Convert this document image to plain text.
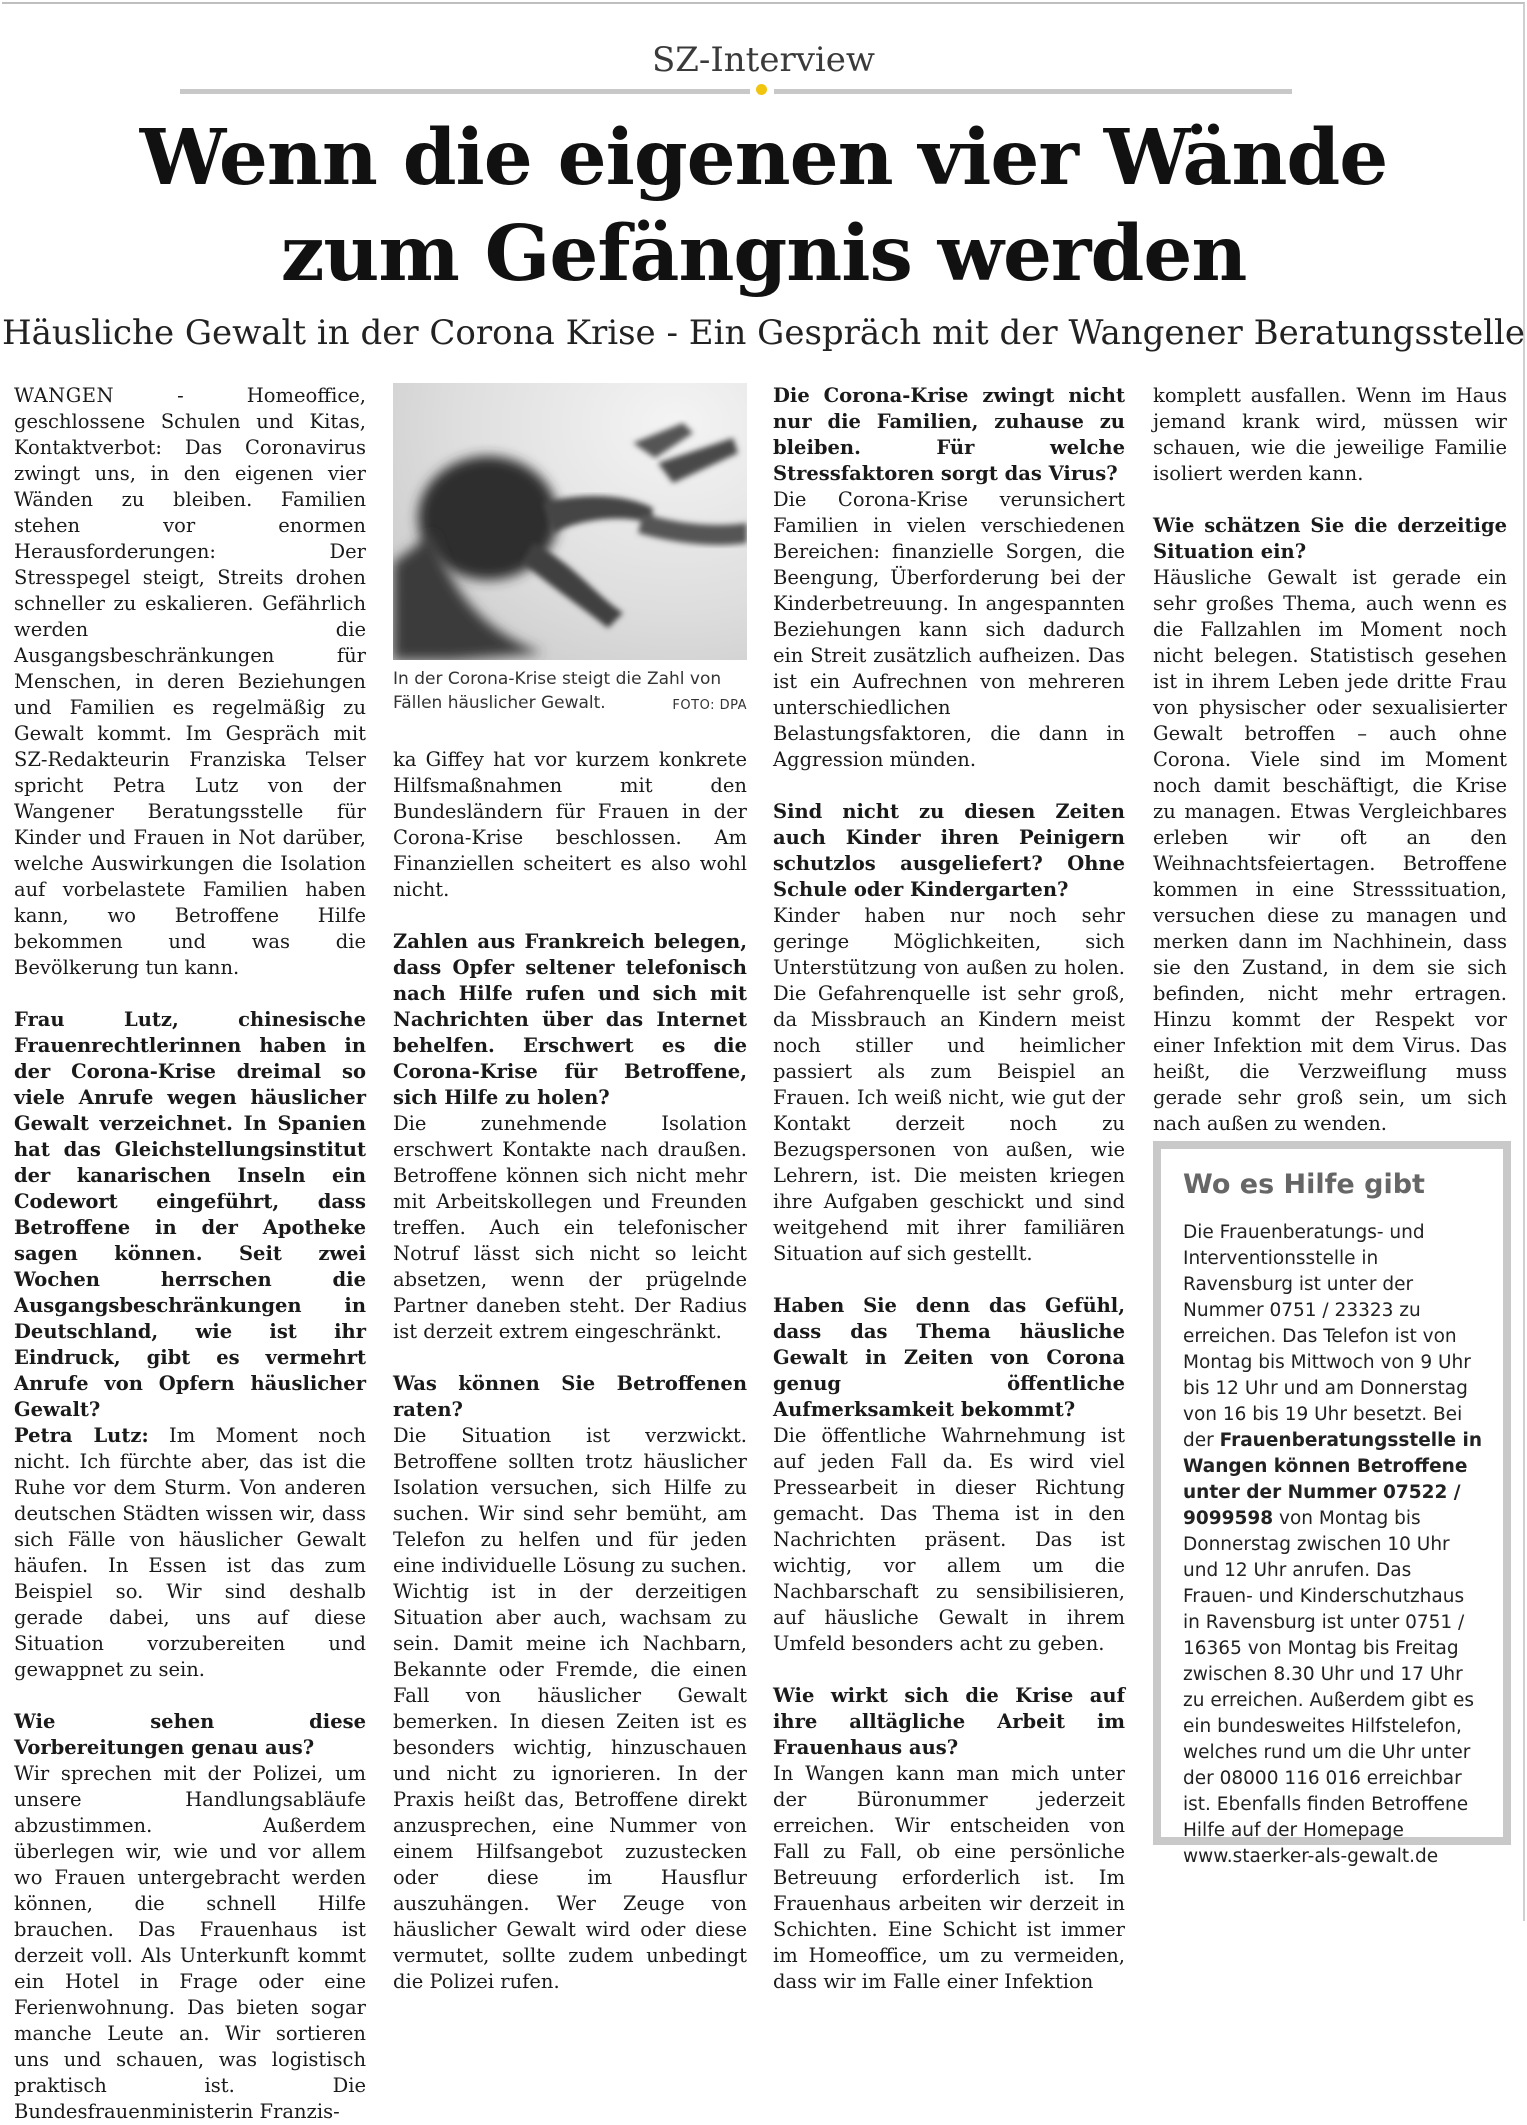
SZ-Interview
Wenn die eigenen vier Wände
zum Gefängnis werden
Häusliche Gewalt in der Corona Krise - Ein Gespräch mit der Wangener Beratungsstelle

WANGEN - Homeoffice, geschlossene Schulen und Kitas, Kontaktverbot: Das Coronavirus zwingt uns, in den eigenen vier Wänden zu bleiben. Familien stehen vor enormen Herausforderungen: Der Stresspegel steigt, Streits drohen schneller zu eskalieren. Gefährlich werden die Ausgangsbeschränkungen für Menschen, in deren Beziehungen und Familien es regelmäßig zu Gewalt kommt. Im Gespräch mit SZ-Redakteurin Franziska Telser spricht Petra Lutz von der Wangener Beratungsstelle für Kinder und Frauen in Not darüber, welche Auswirkungen die Isolation auf vorbelastete Familien haben kann, wo Betroffene Hilfe bekommen und was die Bevölkerung tun kann.

Frau Lutz, chinesische Frauenrechtlerinnen haben in der Corona-Krise dreimal so viele Anrufe wegen häuslicher Gewalt verzeichnet. In Spanien hat das Gleichstellungsinstitut der kanarischen Inseln ein Codewort eingeführt, dass Betroffene in der Apotheke sagen können. Seit zwei Wochen herrschen die Ausgangsbeschränkungen in Deutschland, wie ist ihr Eindruck, gibt es vermehrt Anrufe von Opfern häuslicher Gewalt?

Petra Lutz: Im Moment noch nicht. Ich fürchte aber, das ist die Ruhe vor dem Sturm. Von anderen deutschen Städten wissen wir, dass sich Fälle von häuslicher Gewalt häufen. In Essen ist das zum Beispiel so. Wir sind deshalb gerade dabei, uns auf diese Situation vorzubereiten und gewappnet zu sein.

Wie sehen diese Vorbereitungen genau aus?

Wir sprechen mit der Polizei, um unsere Handlungsabläufe abzustimmen. Außerdem überlegen wir, wie und vor allem wo Frauen untergebracht werden können, die schnell Hilfe brauchen. Das Frauenhaus ist derzeit voll. Als Unterkunft kommt ein Hotel in Frage oder eine Ferienwohnung. Das bieten sogar manche Leute an. Wir sortieren uns und schauen, was logistisch praktisch ist. Die Bundesfrauenministerin Franzis-

In der Corona-Krise steigt die Zahl von Fällen häuslicher Gewalt.	FOTO: DPA

ka Giffey hat vor kurzem konkrete Hilfsmaßnahmen mit den Bundesländern für Frauen in der Corona-Krise beschlossen. Am Finanziellen scheitert es also wohl nicht.

Zahlen aus Frankreich belegen, dass Opfer seltener telefonisch nach Hilfe rufen und sich mit Nachrichten über das Internet behelfen. Erschwert es die Corona-Krise für Betroffene, sich Hilfe zu holen?

Die zunehmende Isolation erschwert Kontakte nach draußen. Betroffene können sich nicht mehr mit Arbeitskollegen und Freunden treffen. Auch ein telefonischer Notruf lässt sich nicht so leicht absetzen, wenn der prügelnde Partner daneben steht. Der Radius ist derzeit extrem eingeschränkt.

Was können Sie Betroffenen raten?

Die Situation ist verzwickt. Betroffene sollten trotz häuslicher Isolation versuchen, sich Hilfe zu suchen. Wir sind sehr bemüht, am Telefon zu helfen und für jeden eine individuelle Lösung zu suchen. Wichtig ist in der derzeitigen Situation aber auch, wachsam zu sein. Damit meine ich Nachbarn, Bekannte oder Fremde, die einen Fall von häuslicher Gewalt bemerken. In diesen Zeiten ist es besonders wichtig, hinzuschauen und nicht zu ignorieren. In der Praxis heißt das, Betroffene direkt anzusprechen, eine Nummer von einem Hilfsangebot zuzustecken oder diese im Hausflur auszuhängen. Wer Zeuge von häuslicher Gewalt wird oder diese vermutet, sollte zudem unbedingt die Polizei rufen.

Die Corona-Krise zwingt nicht nur die Familien, zuhause zu bleiben. Für welche Stressfaktoren sorgt das Virus?

Die Corona-Krise verunsichert Familien in vielen verschiedenen Bereichen: finanzielle Sorgen, die Beengung, Überforderung bei der Kinderbetreuung. In angespannten Beziehungen kann sich dadurch ein Streit zusätzlich aufheizen. Das ist ein Aufrechnen von mehreren unterschiedlichen Belastungsfaktoren, die dann in Aggression münden.

Sind nicht zu diesen Zeiten auch Kinder ihren Peinigern schutzlos ausgeliefert? Ohne Schule oder Kindergarten?

Kinder haben nur noch sehr geringe Möglichkeiten, sich Unterstützung von außen zu holen. Die Gefahrenquelle ist sehr groß, da Missbrauch an Kindern meist noch stiller und heimlicher passiert als zum Beispiel an Frauen. Ich weiß nicht, wie gut der Kontakt derzeit noch zu Bezugspersonen von außen, wie Lehrern, ist. Die meisten kriegen ihre Aufgaben geschickt und sind weitgehend mit ihrer familiären Situation auf sich gestellt.

Haben Sie denn das Gefühl, dass das Thema häusliche Gewalt in Zeiten von Corona genug öffentliche Aufmerksamkeit bekommt?

Die öffentliche Wahrnehmung ist auf jeden Fall da. Es wird viel Pressearbeit in dieser Richtung gemacht. Das Thema ist in den Nachrichten präsent. Das ist wichtig, vor allem um die Nachbarschaft zu sensibilisieren, auf häusliche Gewalt in ihrem Umfeld besonders acht zu geben.

Wie wirkt sich die Krise auf ihre alltägliche Arbeit im Frauenhaus aus?

In Wangen kann man mich unter der Büronummer jederzeit erreichen. Wir entscheiden von Fall zu Fall, ob eine persönliche Betreuung erforderlich ist. Im Frauenhaus arbeiten wir derzeit in Schichten. Eine Schicht ist immer im Homeoffice, um zu vermeiden, dass wir im Falle einer Infektion

komplett ausfallen. Wenn im Haus jemand krank wird, müssen wir schauen, wie die jeweilige Familie isoliert werden kann.

Wie schätzen Sie die derzeitige Situation ein?

Häusliche Gewalt ist gerade ein sehr großes Thema, auch wenn es die Fallzahlen im Moment noch nicht belegen. Statistisch gesehen ist in ihrem Leben jede dritte Frau von physischer oder sexualisierter Gewalt betroffen – auch ohne Corona. Viele sind im Moment noch damit beschäftigt, die Krise zu managen. Etwas Vergleichbares erleben wir oft an den Weihnachtsfeiertagen. Betroffene kommen in eine Stresssituation, versuchen diese zu managen und merken dann im Nachhinein, dass sie den Zustand, in dem sie sich befinden, nicht mehr ertragen. Hinzu kommt der Respekt vor einer Infektion mit dem Virus. Das heißt, die Verzweiflung muss gerade sehr groß sein, um sich nach außen zu wenden.

Wo es Hilfe gibt
Die Frauenberatungs- und Interventionsstelle in Ravensburg ist unter der Nummer 0751 / 23323 zu erreichen. Das Telefon ist von Montag bis Mittwoch von 9 Uhr bis 12 Uhr und am Donnerstag von 16 bis 19 Uhr besetzt. Bei der Frauenberatungsstelle in Wangen können Betroffene unter der Nummer 07522 / 9099598 von Montag bis Donnerstag zwischen 10 Uhr und 12 Uhr anrufen. Das Frauen- und Kinderschutzhaus in Ravensburg ist unter 0751 / 16365 von Montag bis Freitag zwischen 8.30 Uhr und 17 Uhr zu erreichen. Außerdem gibt es ein bundesweites Hilfstelefon, welches rund um die Uhr unter der 08000 116 016 erreichbar ist. Ebenfalls finden Betroffene Hilfe auf der Homepage www.staerker-als-gewalt.de
